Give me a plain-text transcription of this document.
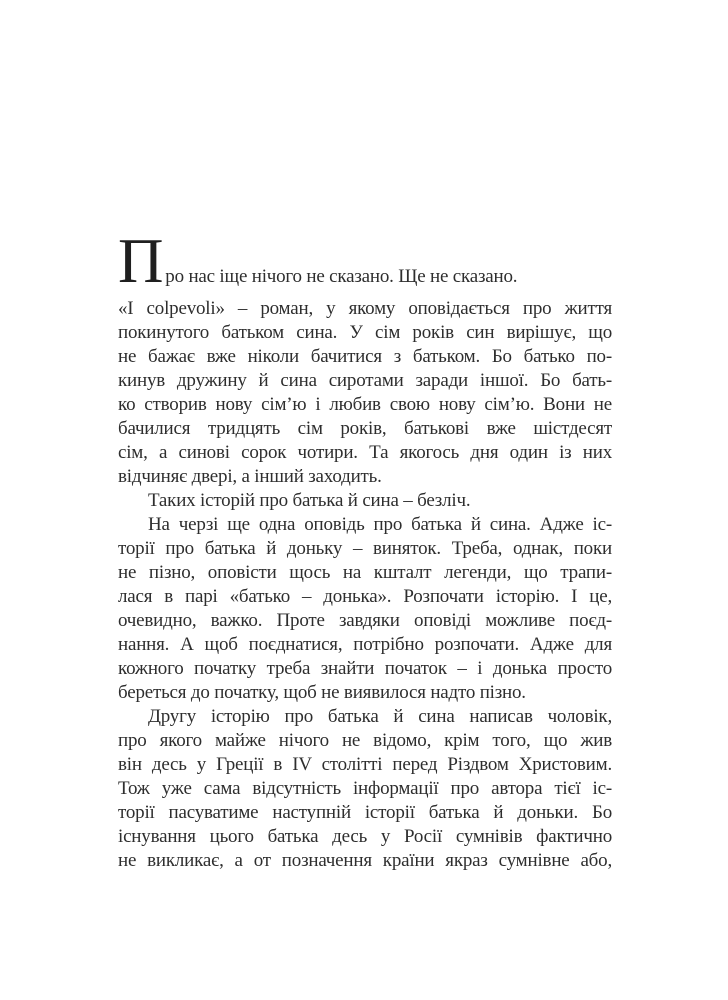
П ро нас іще нічого не сказано. Ще не сказано.

«I colpevoli» – роман, у якому оповідається про життя
покинутого батьком сина. У сім років син вирішує, що
не бажає вже ніколи бачитися з батьком. Бо батько по-
кинув дружину й сина сиротами заради іншої. Бо бать-
ко створив нову сім’ю і любив свою нову сім’ю. Вони не
бачилися тридцять сім років, батькові вже шістдесят
сім, а синові сорок чотири. Та якогось дня один із них
відчиняє двері, а інший заходить.

Таких історій про батька й сина – безліч.

На черзі ще одна оповідь про батька й сина. Адже іс-
торії про батька й доньку – виняток. Треба, однак, поки
не пізно, оповісти щось на кшталт легенди, що трапи-
лася в парі «батько – донька». Розпочати історію. І це,
очевидно, важко. Проте завдяки оповіді можливе поєд-
нання. А щоб поєднатися, потрібно розпочати. Адже для
кожного початку треба знайти початок – і донька просто
береться до початку, щоб не виявилося надто пізно.

Другу історію про батька й сина написав чоловік,
про якого майже нічого не відомо, крім того, що жив
він десь у Греції в IV столітті перед Різдвом Христовим.
Тож уже сама відсутність інформації про автора тієї іс-
торії пасуватиме наступній історії батька й доньки. Бо
існування цього батька десь у Росії сумнівів фактично
не викликає, а от позначення країни якраз сумнівне або,
